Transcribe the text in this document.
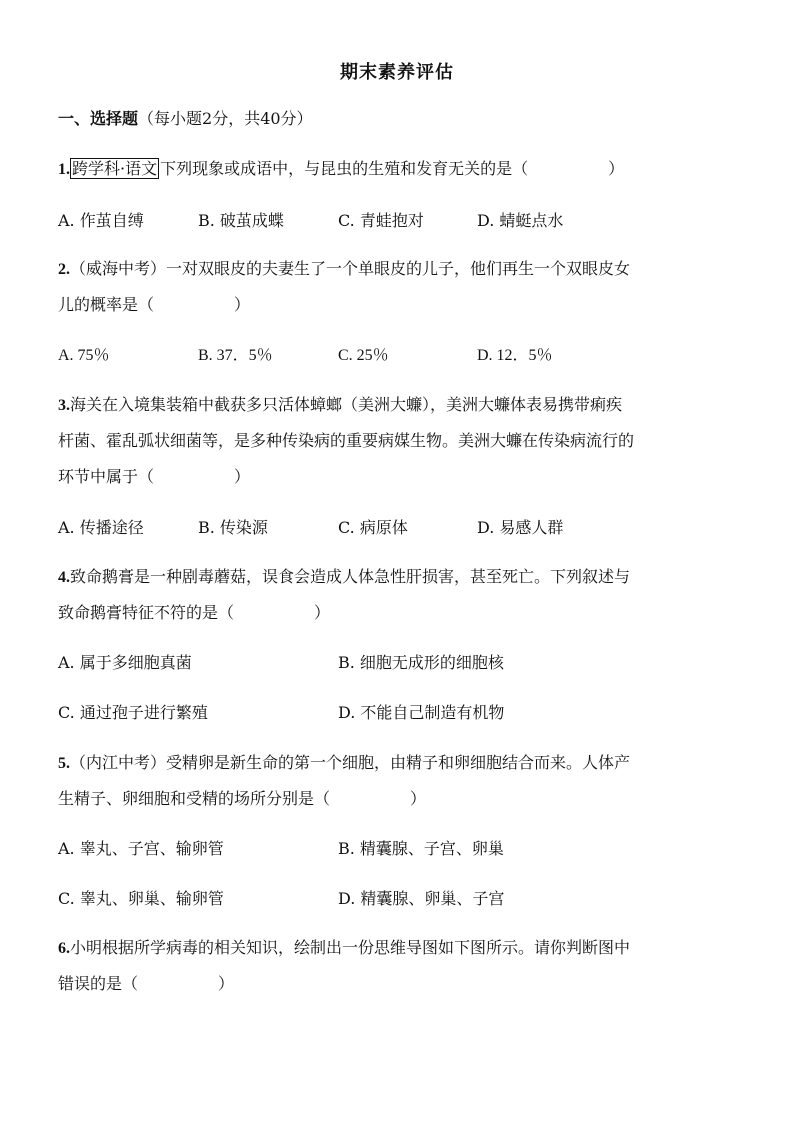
期末素养评估
一、选择题（每小题2分，共40分）
1. 跨学科·语文 下列现象或成语中，与昆虫的生殖和发育无关的是（　　　　　）
A. 作茧自缚	B. 破茧成蝶	C. 青蛙抱对	D. 蜻蜓点水
2.（威海中考）一对双眼皮的夫妻生了一个单眼皮的儿子，他们再生一个双眼皮女
儿的概率是（　　　　　）
A. 75％	B. 37．5％	C. 25％	D. 12．5％
3.海关在入境集装箱中截获多只活体蟑螂（美洲大蠊），美洲大蠊体表易携带痢疾
杆菌、霍乱弧状细菌等，是多种传染病的重要病媒生物。美洲大蠊在传染病流行的
环节中属于（　　　　　）
A. 传播途径	B. 传染源	C. 病原体	D. 易感人群
4.致命鹅膏是一种剧毒蘑菇，误食会造成人体急性肝损害，甚至死亡。下列叙述与
致命鹅膏特征不符的是（　　　　　）
A. 属于多细胞真菌	B. 细胞无成形的细胞核
C. 通过孢子进行繁殖	D. 不能自己制造有机物
5.（内江中考）受精卵是新生命的第一个细胞，由精子和卵细胞结合而来。人体产
生精子、卵细胞和受精的场所分别是（　　　　　）
A. 睾丸、子宫、输卵管	B. 精囊腺、子宫、卵巢
C. 睾丸、卵巢、输卵管	D. 精囊腺、卵巢、子宫
6.小明根据所学病毒的相关知识，绘制出一份思维导图如下图所示。请你判断图中
错误的是（　　　　　）
